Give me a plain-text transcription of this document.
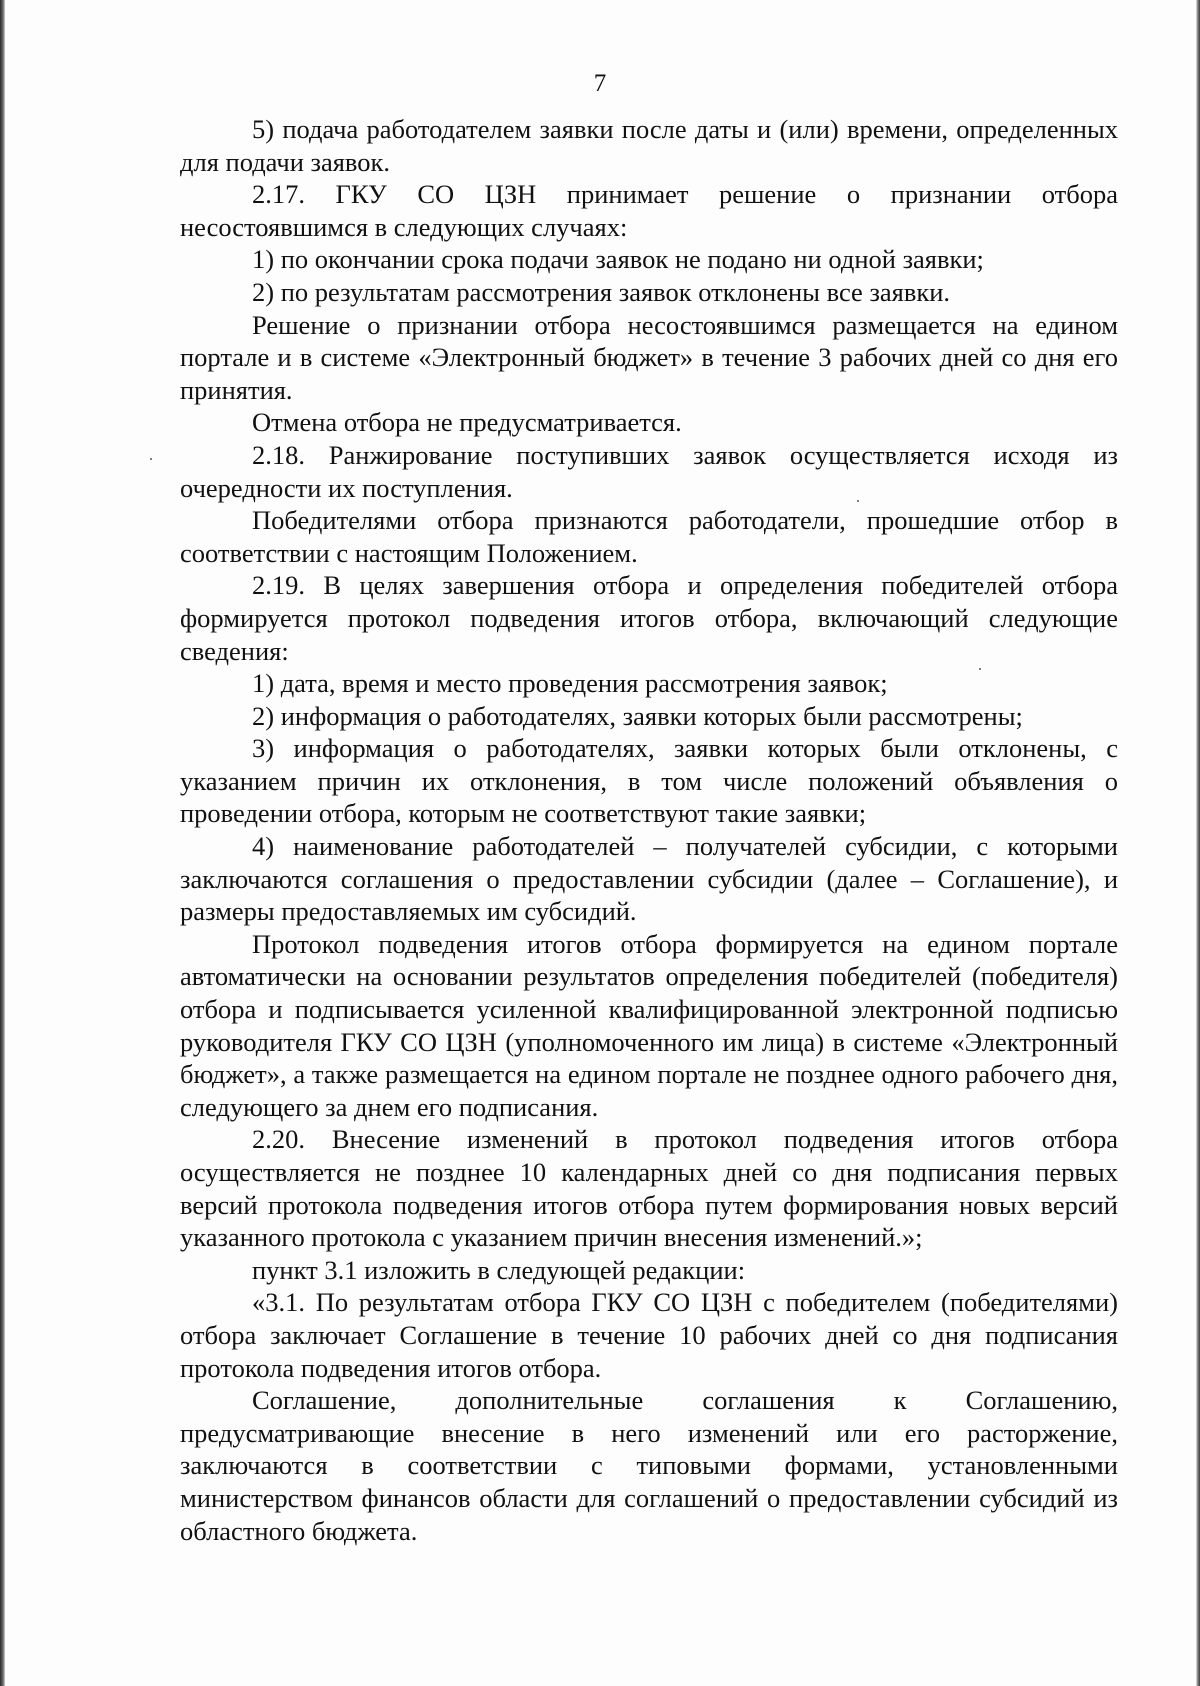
7

5) подача работодателем заявки после даты и (или) времени, определенных для подачи заявок.

2.17. ГКУ СО ЦЗН принимает решение о признании отбора несостоявшимся в следующих случаях:

1) по окончании срока подачи заявок не подано ни одной заявки;

2) по результатам рассмотрения заявок отклонены все заявки.

Решение о признании отбора несостоявшимся размещается на едином портале и в системе «Электронный бюджет» в течение 3 рабочих дней со дня его принятия.

Отмена отбора не предусматривается.

2.18. Ранжирование поступивших заявок осуществляется исходя из очередности их поступления.

Победителями отбора признаются работодатели, прошедшие отбор в соответствии с настоящим Положением.

2.19. В целях завершения отбора и определения победителей отбора формируется протокол подведения итогов отбора, включающий следующие сведения:

1) дата, время и место проведения рассмотрения заявок;

2) информация о работодателях, заявки которых были рассмотрены;

3) информация о работодателях, заявки которых были отклонены, с указанием причин их отклонения, в том числе положений объявления о проведении отбора, которым не соответствуют такие заявки;

4) наименование работодателей – получателей субсидии, с которыми заключаются соглашения о предоставлении субсидии (далее – Соглашение), и размеры предоставляемых им субсидий.

Протокол подведения итогов отбора формируется на едином портале автоматически на основании результатов определения победителей (победителя) отбора и подписывается усиленной квалифицированной электронной подписью руководителя ГКУ СО ЦЗН (уполномоченного им лица) в системе «Электронный бюджет», а также размещается на едином портале не позднее одного рабочего дня, следующего за днем его подписания.

2.20. Внесение изменений в протокол подведения итогов отбора осуществляется не позднее 10 календарных дней со дня подписания первых версий протокола подведения итогов отбора путем формирования новых версий указанного протокола с указанием причин внесения изменений.»;

пункт 3.1 изложить в следующей редакции:

«3.1. По результатам отбора ГКУ СО ЦЗН с победителем (победителями) отбора заключает Соглашение в течение 10 рабочих дней со дня подписания протокола подведения итогов отбора.

Соглашение, дополнительные соглашения к Соглашению, предусматривающие внесение в него изменений или его расторжение, заключаются в соответствии с типовыми формами, установленными министерством финансов области для соглашений о предоставлении субсидий из областного бюджета.
